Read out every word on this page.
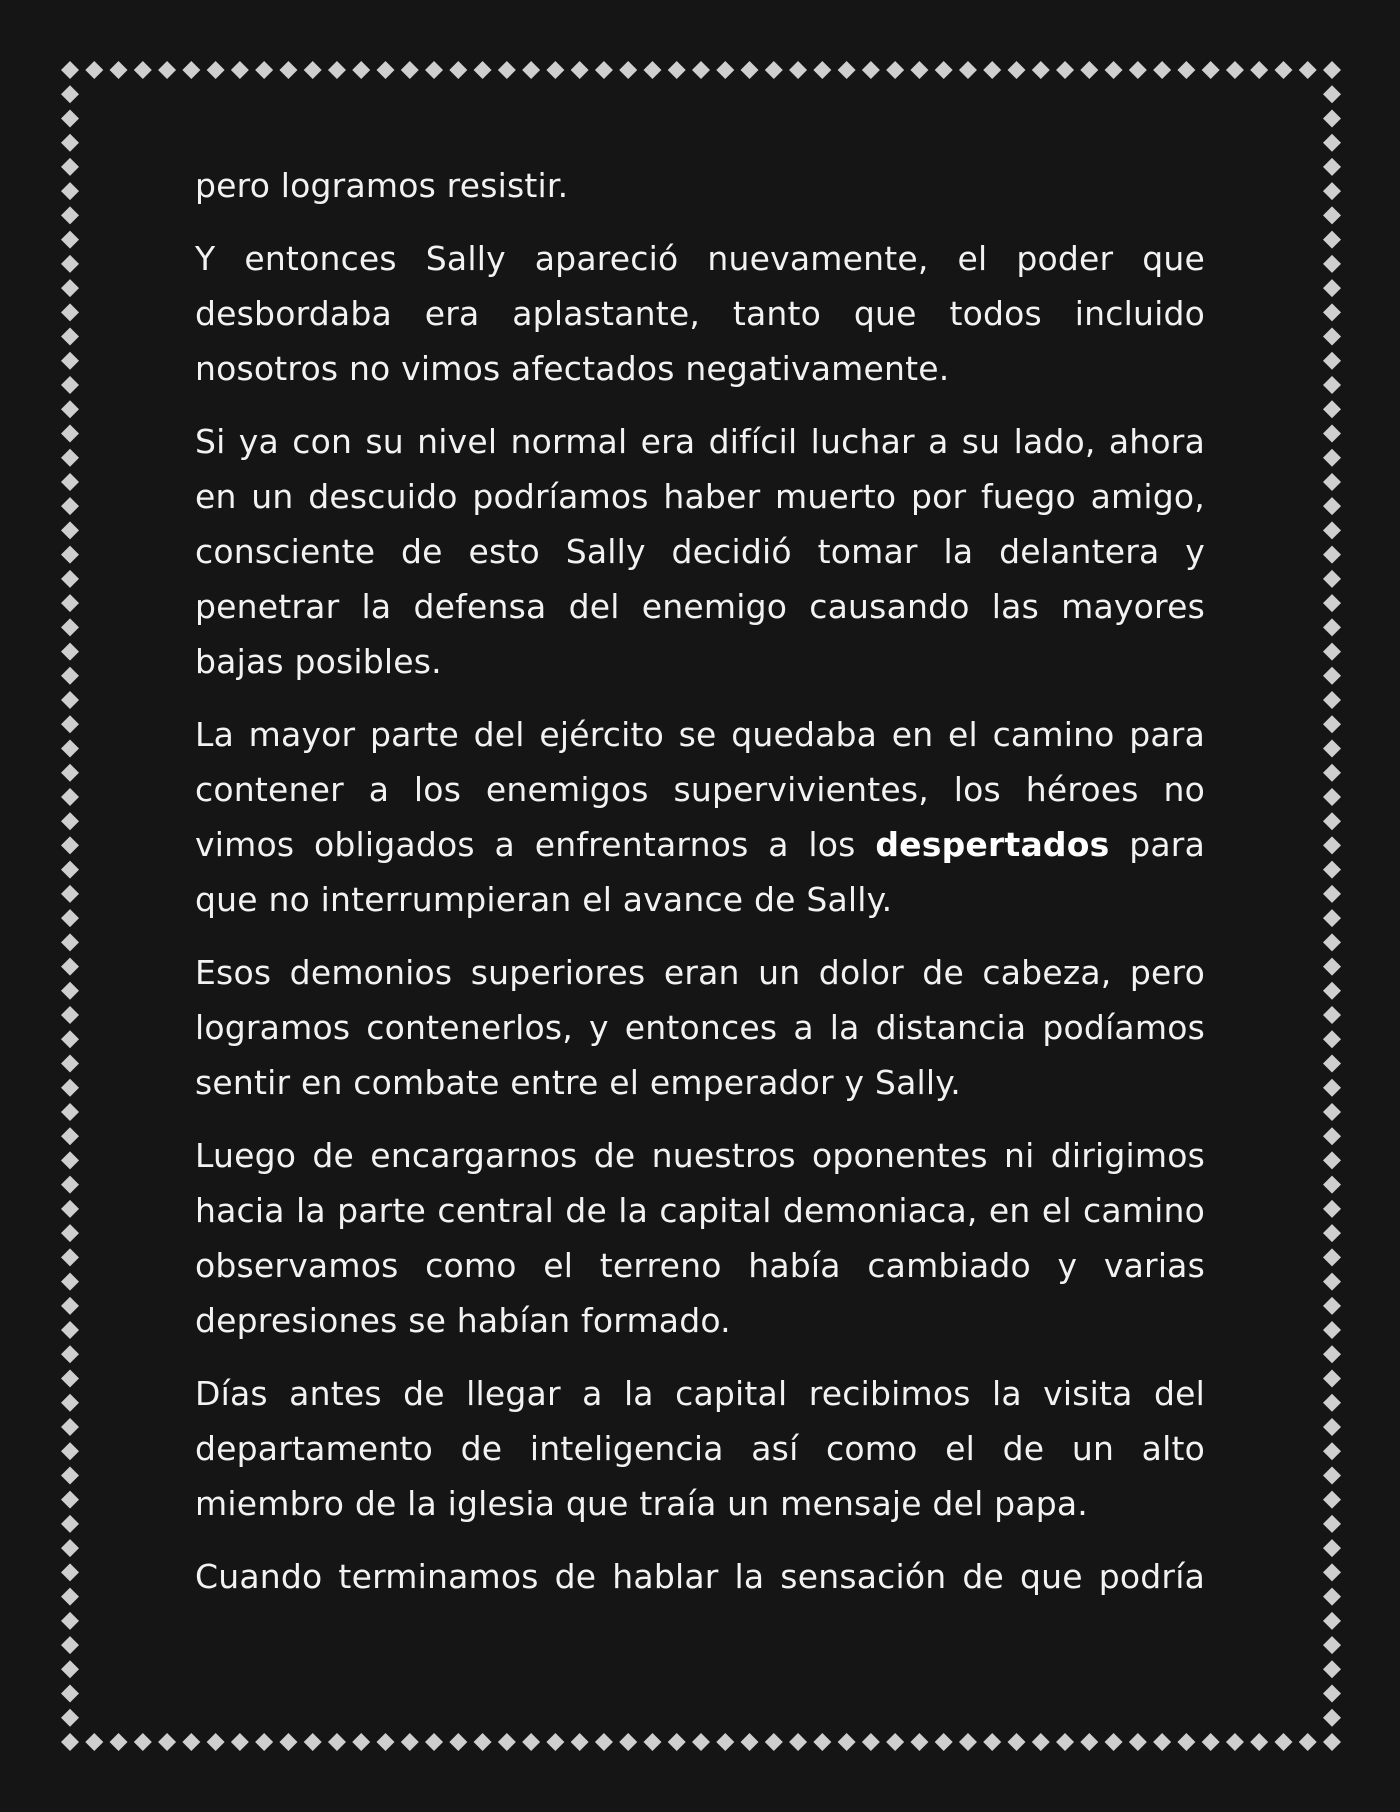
pero logramos resistir.

Y entonces Sally apareció nuevamente, el poder que desbordaba era aplastante, tanto que todos incluido nosotros no vimos afectados negativamente.

Si ya con su nivel normal era difícil luchar a su lado, ahora en un descuido podríamos haber muerto por fuego amigo, consciente de esto Sally decidió tomar la delantera y penetrar la defensa del enemigo causando las mayores bajas posibles.

La mayor parte del ejército se quedaba en el camino para contener a los enemigos supervivientes, los héroes no vimos obligados a enfrentarnos a los despertados para que no interrumpieran el avance de Sally.

Esos demonios superiores eran un dolor de cabeza, pero logramos contenerlos, y entonces a la distancia podíamos sentir en combate entre el emperador y Sally.

Luego de encargarnos de nuestros oponentes ni dirigimos hacia la parte central de la capital demoniaca, en el camino observamos como el terreno había cambiado y varias depresiones se habían formado.

Días antes de llegar a la capital recibimos la visita del departamento de inteligencia así como el de un alto miembro de la iglesia que traía un mensaje del papa.

Cuando terminamos de hablar la sensación de que podría
